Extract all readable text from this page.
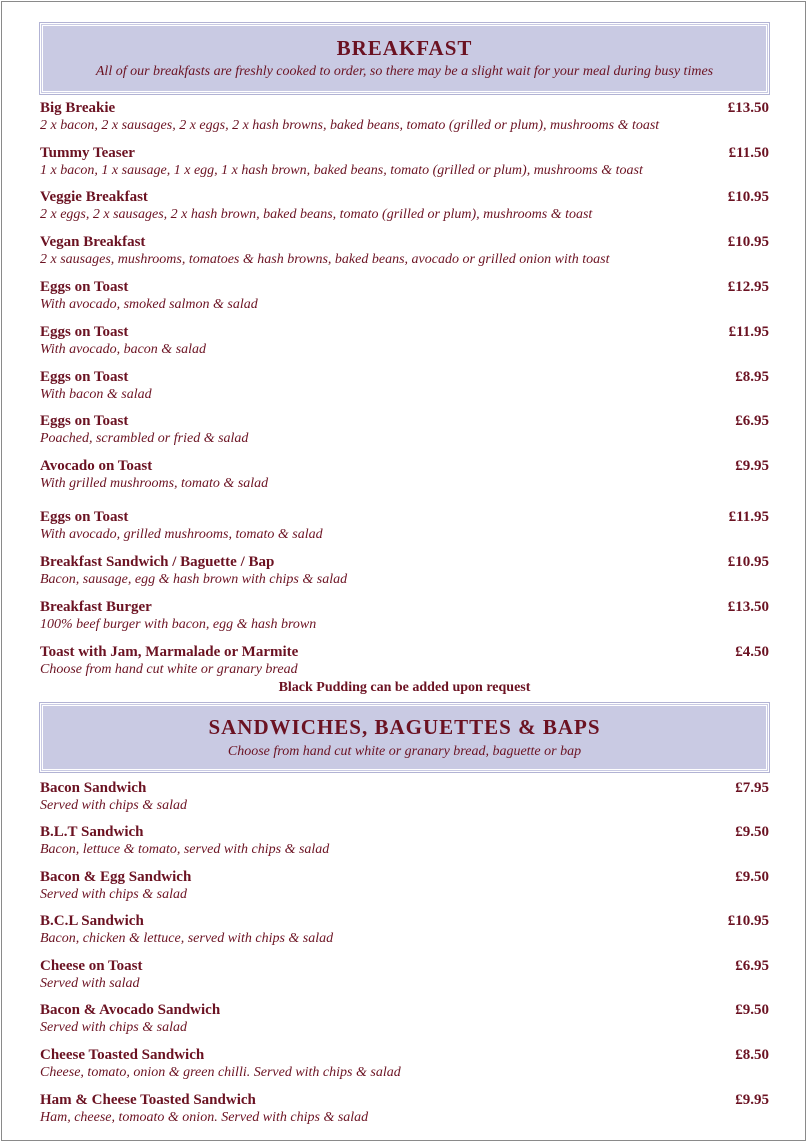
BREAKFAST
All of our breakfasts are freshly cooked to order, so there may be a slight wait for your meal during busy times
Big Breakie	£13.50
2 x bacon, 2 x sausages, 2 x eggs, 2 x hash browns, baked beans, tomato (grilled or plum), mushrooms & toast
Tummy Teaser	£11.50
1 x bacon, 1 x sausage, 1 x egg, 1 x hash brown, baked beans, tomato (grilled or plum), mushrooms & toast
Veggie Breakfast	£10.95
2 x eggs, 2 x sausages, 2 x hash brown, baked beans, tomato (grilled or plum), mushrooms & toast
Vegan Breakfast	£10.95
2 x sausages, mushrooms, tomatoes & hash browns, baked beans, avocado or grilled onion with toast
Eggs on Toast	£12.95
With avocado, smoked salmon & salad
Eggs on Toast	£11.95
With avocado, bacon & salad
Eggs on Toast	£8.95
With bacon & salad
Eggs on Toast	£6.95
Poached, scrambled or fried & salad
Avocado on Toast	£9.95
With grilled mushrooms, tomato & salad
Eggs on Toast	£11.95
With avocado, grilled mushrooms, tomato & salad
Breakfast Sandwich / Baguette / Bap	£10.95
Bacon, sausage, egg & hash brown with chips & salad
Breakfast Burger	£13.50
100% beef burger with bacon, egg & hash brown
Toast with Jam, Marmalade or Marmite	£4.50
Choose from hand cut white or granary bread
Black Pudding can be added upon request
SANDWICHES, BAGUETTES & BAPS
Choose from hand cut white or granary bread, baguette or bap
Bacon Sandwich	£7.95
Served with chips & salad
B.L.T Sandwich	£9.50
Bacon, lettuce & tomato, served with chips & salad
Bacon & Egg Sandwich	£9.50
Served with chips & salad
B.C.L Sandwich	£10.95
Bacon, chicken & lettuce, served with chips & salad
Cheese on Toast	£6.95
Served with salad
Bacon & Avocado Sandwich	£9.50
Served with chips & salad
Cheese Toasted Sandwich	£8.50
Cheese, tomato, onion & green chilli. Served with chips & salad
Ham & Cheese Toasted Sandwich	£9.95
Ham, cheese, tomoato & onion. Served with chips & salad
